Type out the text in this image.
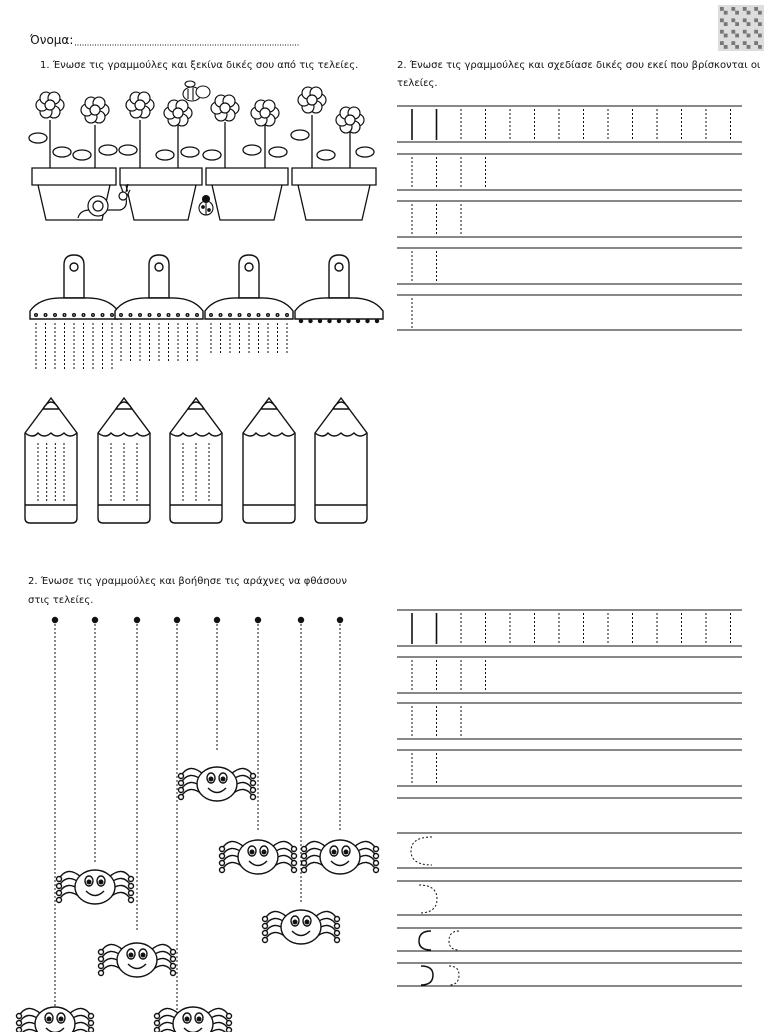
Όνομα:
1. Ένωσε τις γραμμούλες και ξεκίνα δικές σου από τις τελείες.	2. Ένωσε τις γραμμούλες και σχεδίασε δικές σου εκεί που βρίσκονται οι
τελείες.
2. Ένωσε τις γραμμούλες και βοήθησε τις αράχνες να φθάσουν
στις τελείες.
